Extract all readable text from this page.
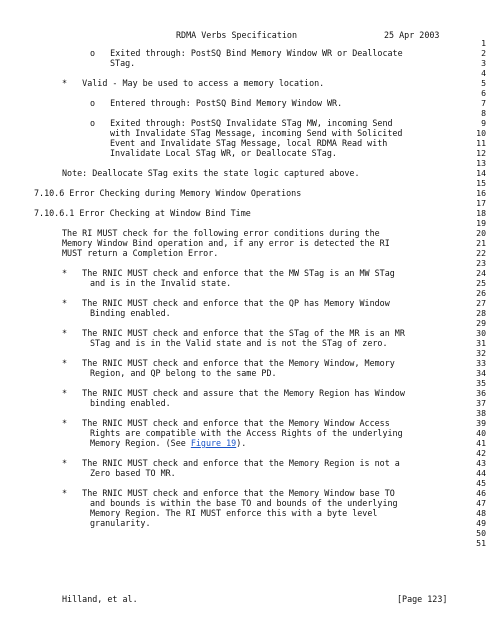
RDMA Verbs Specification	25 Apr 2003
o   Exited through: PostSQ Bind Memory Window WR or Deallocate
STag.
*   Valid - May be used to access a memory location.
o   Entered through: PostSQ Bind Memory Window WR.
o   Exited through: PostSQ Invalidate STag MW, incoming Send
with Invalidate STag Message, incoming Send with Solicited
Event and Invalidate STag Message, local RDMA Read with
Invalidate Local STag WR, or Deallocate STag.
Note: Deallocate STag exits the state logic captured above.
7.10.6 Error Checking during Memory Window Operations
7.10.6.1 Error Checking at Window Bind Time
The RI MUST check for the following error conditions during the
Memory Window Bind operation and, if any error is detected the RI
MUST return a Completion Error.
*   The RNIC MUST check and enforce that the MW STag is an MW STag
and is in the Invalid state.
*   The RNIC MUST check and enforce that the QP has Memory Window
Binding enabled.
*   The RNIC MUST check and enforce that the STag of the MR is an MR
STag and is in the Valid state and is not the STag of zero.
*   The RNIC MUST check and enforce that the Memory Window, Memory
Region, and QP belong to the same PD.
*   The RNIC MUST check and assure that the Memory Region has Window
binding enabled.
*   The RNIC MUST check and enforce that the Memory Window Access
Rights are compatible with the Access Rights of the underlying
Memory Region. (See Figure 19).
*   The RNIC MUST check and enforce that the Memory Region is not a
Zero based TO MR.
*   The RNIC MUST check and enforce that the Memory Window base TO
and bounds is within the base TO and bounds of the underlying
Memory Region. The RI MUST enforce this with a byte level
granularity.
1
2
3
4
5
6
7
8
9
10
11
12
13
14
15
16
17
18
19
20
21
22
23
24
25
26
27
28
29
30
31
32
33
34
35
36
37
38
39
40
41
42
43
44
45
46
47
48
49
50
51
Hilland, et al.	[Page 123]
